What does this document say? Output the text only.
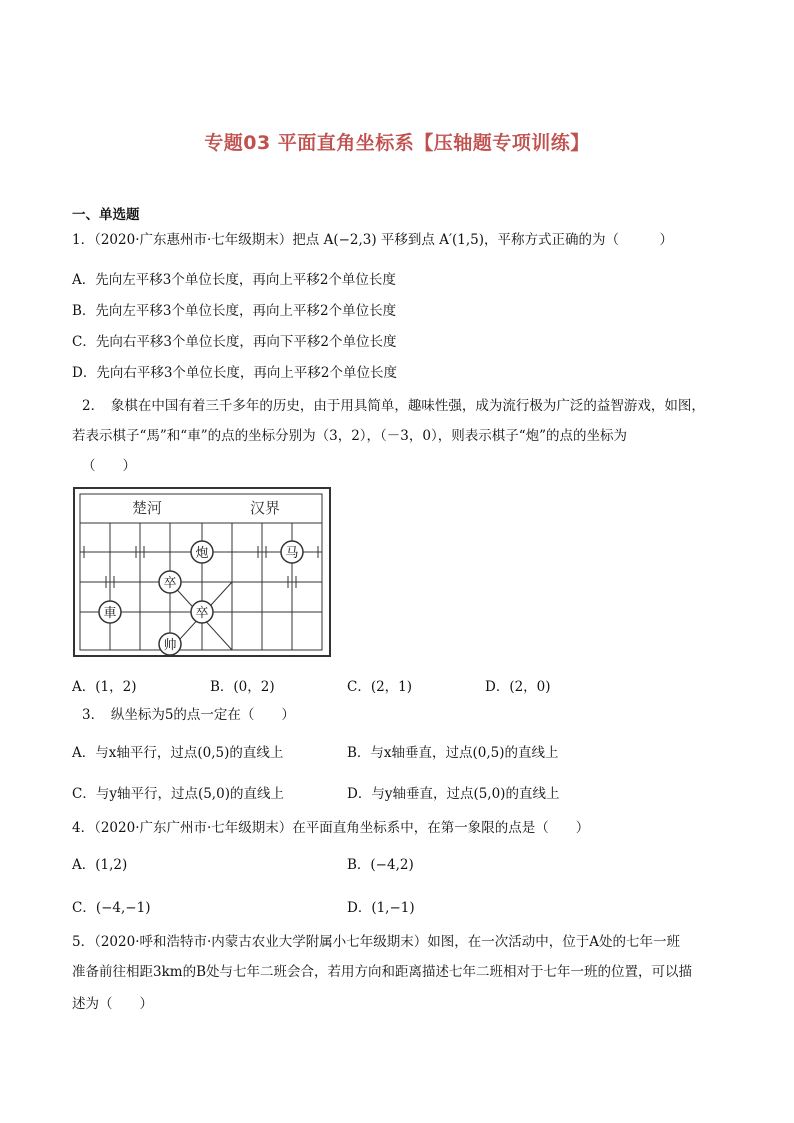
专题03 平面直角坐标系【压轴题专项训练】
一、单选题
1．（2020·广东惠州市·七年级期末）把点 A(−2,3) 平移到点 A′(1,5)，平称方式正确的为（　　　）
A．先向左平移3个单位长度，再向上平移2个单位长度
B．先向左平移3个单位长度，再向上平移2个单位长度
C．先向右平移3个单位长度，再向下平移2个单位长度
D．先向右平移3个单位长度，再向上平移2个单位长度
2．　象棋在中国有着三千多年的历史，由于用具简单，趣味性强，成为流行极为广泛的益智游戏，如图，
若表示棋子“馬”和“車”的点的坐标分别为（3，2），（－3，0），则表示棋子“炮”的点的坐标为
（　　）
楚河	汉界
炮	马
卒
卒
車
帅
A．(1，2)	B．(0，2)	C．(2，1)	D．(2，0)
3．　纵坐标为5的点一定在（　　）
A．与x轴平行，过点(0,5)的直线上	B．与x轴垂直，过点(0,5)的直线上
C．与y轴平行，过点(5,0)的直线上	D．与y轴垂直，过点(5,0)的直线上
4．（2020·广东广州市·七年级期末）在平面直角坐标系中，在第一象限的点是（　　）
A．(1,2)	B．(−4,2)
C．(−4,−1)	D．(1,−1)
5．（2020·呼和浩特市·内蒙古农业大学附属小七年级期末）如图，在一次活动中，位于A处的七年一班
准备前往相距3km的B处与七年二班会合，若用方向和距离描述七年二班相对于七年一班的位置，可以描
述为（　　）
